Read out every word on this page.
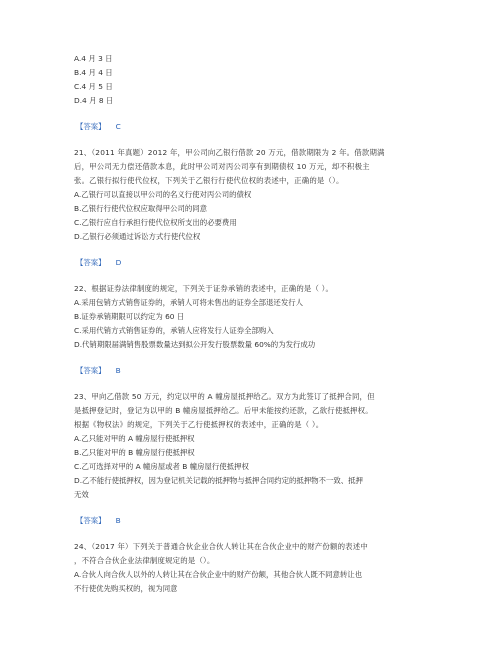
A.4 月 3 日
B.4 月 4 日
C.4 月 5 日
D.4 月 8 日
【答案】 C
21、（2011 年真题）2012 年，甲公司向乙银行借款 20 万元，借款期限为 2 年。借款期满
后，甲公司无力偿还借款本息，此时甲公司对丙公司享有到期债权 10 万元，却不积极主
张。乙银行拟行使代位权，下列关于乙银行行使代位权的表述中，正确的是（）。
A.乙银行可以直接以甲公司的名义行使对丙公司的债权
B.乙银行行使代位权应取得甲公司的同意
C.乙银行应自行承担行使代位权所支出的必要费用
D.乙银行必须通过诉讼方式行使代位权
【答案】 D
22、根据证券法律制度的规定，下列关于证券承销的表述中，正确的是（ ）。
A.采用包销方式销售证券的，承销人可将未售出的证券全部退还发行人
B.证券承销期限可以约定为 60 日
C.采用代销方式销售证券的，承销人应将发行人证券全部购入
D.代销期限届满销售股票数量达到拟公开发行股票数量 60%的为发行成功
【答案】 B
23、甲向乙借款 50 万元，约定以甲的 A 幢房屋抵押给乙。双方为此签订了抵押合同，但
是抵押登记时，登记为以甲的 B 幢房屋抵押给乙。后甲未能按约还款，乙欲行使抵押权。
根据《物权法》的规定，下列关于乙行使抵押权的表述中，正确的是（ ）。
A.乙只能对甲的 A 幢房屋行使抵押权
B.乙只能对甲的 B 幢房屋行使抵押权
C.乙可选择对甲的 A 幢房屋或者 B 幢房屋行使抵押权
D.乙不能行使抵押权，因为登记机关记载的抵押物与抵押合同约定的抵押物不一致、抵押
无效
【答案】 B
24、（2017 年）下列关于普通合伙企业合伙人转让其在合伙企业中的财产份额的表述中
，不符合合伙企业法律制度规定的是（）。
A.合伙人向合伙人以外的人转让其在合伙企业中的财产份额，其他合伙人既不同意转让也
不行使优先购买权的，视为同意
